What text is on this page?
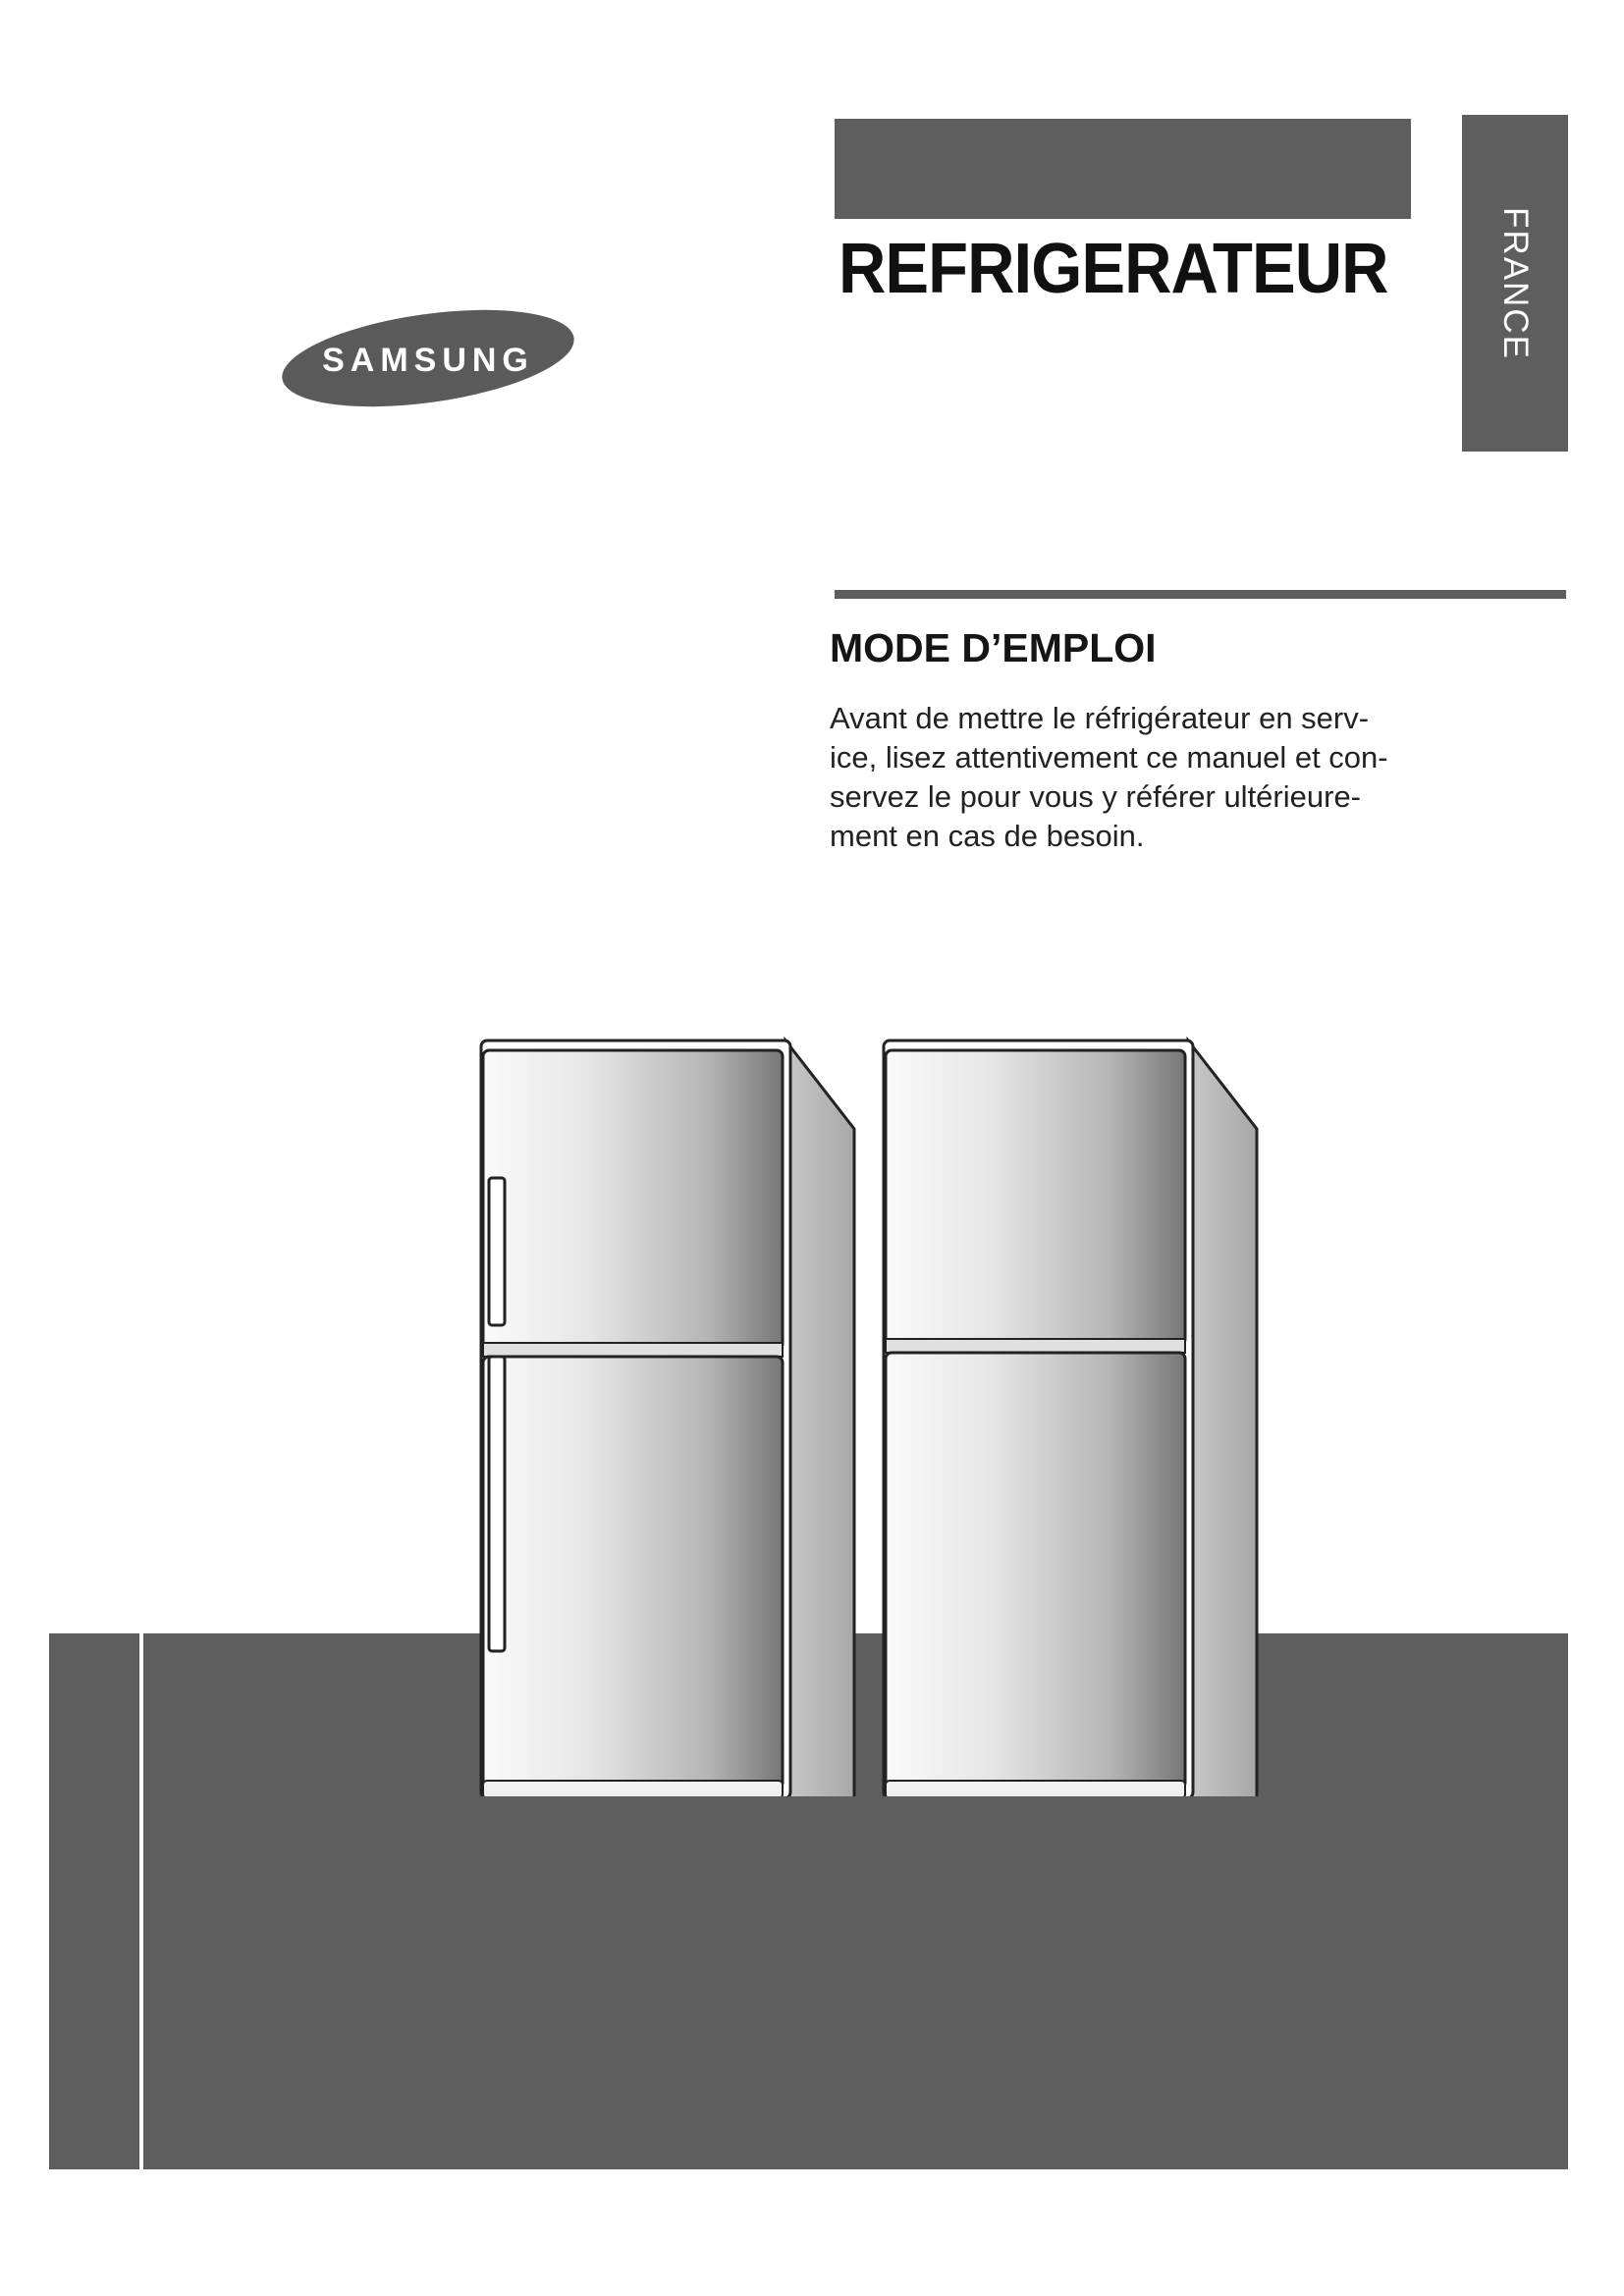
REFRIGERATEUR	FRANCE
SAMSUNG
MODE D’EMPLOI

Avant de mettre le réfrigérateur en serv-
ice, lisez attentivement ce manuel et con-
servez le pour vous y référer ultérieure-
ment en cas de besoin.
